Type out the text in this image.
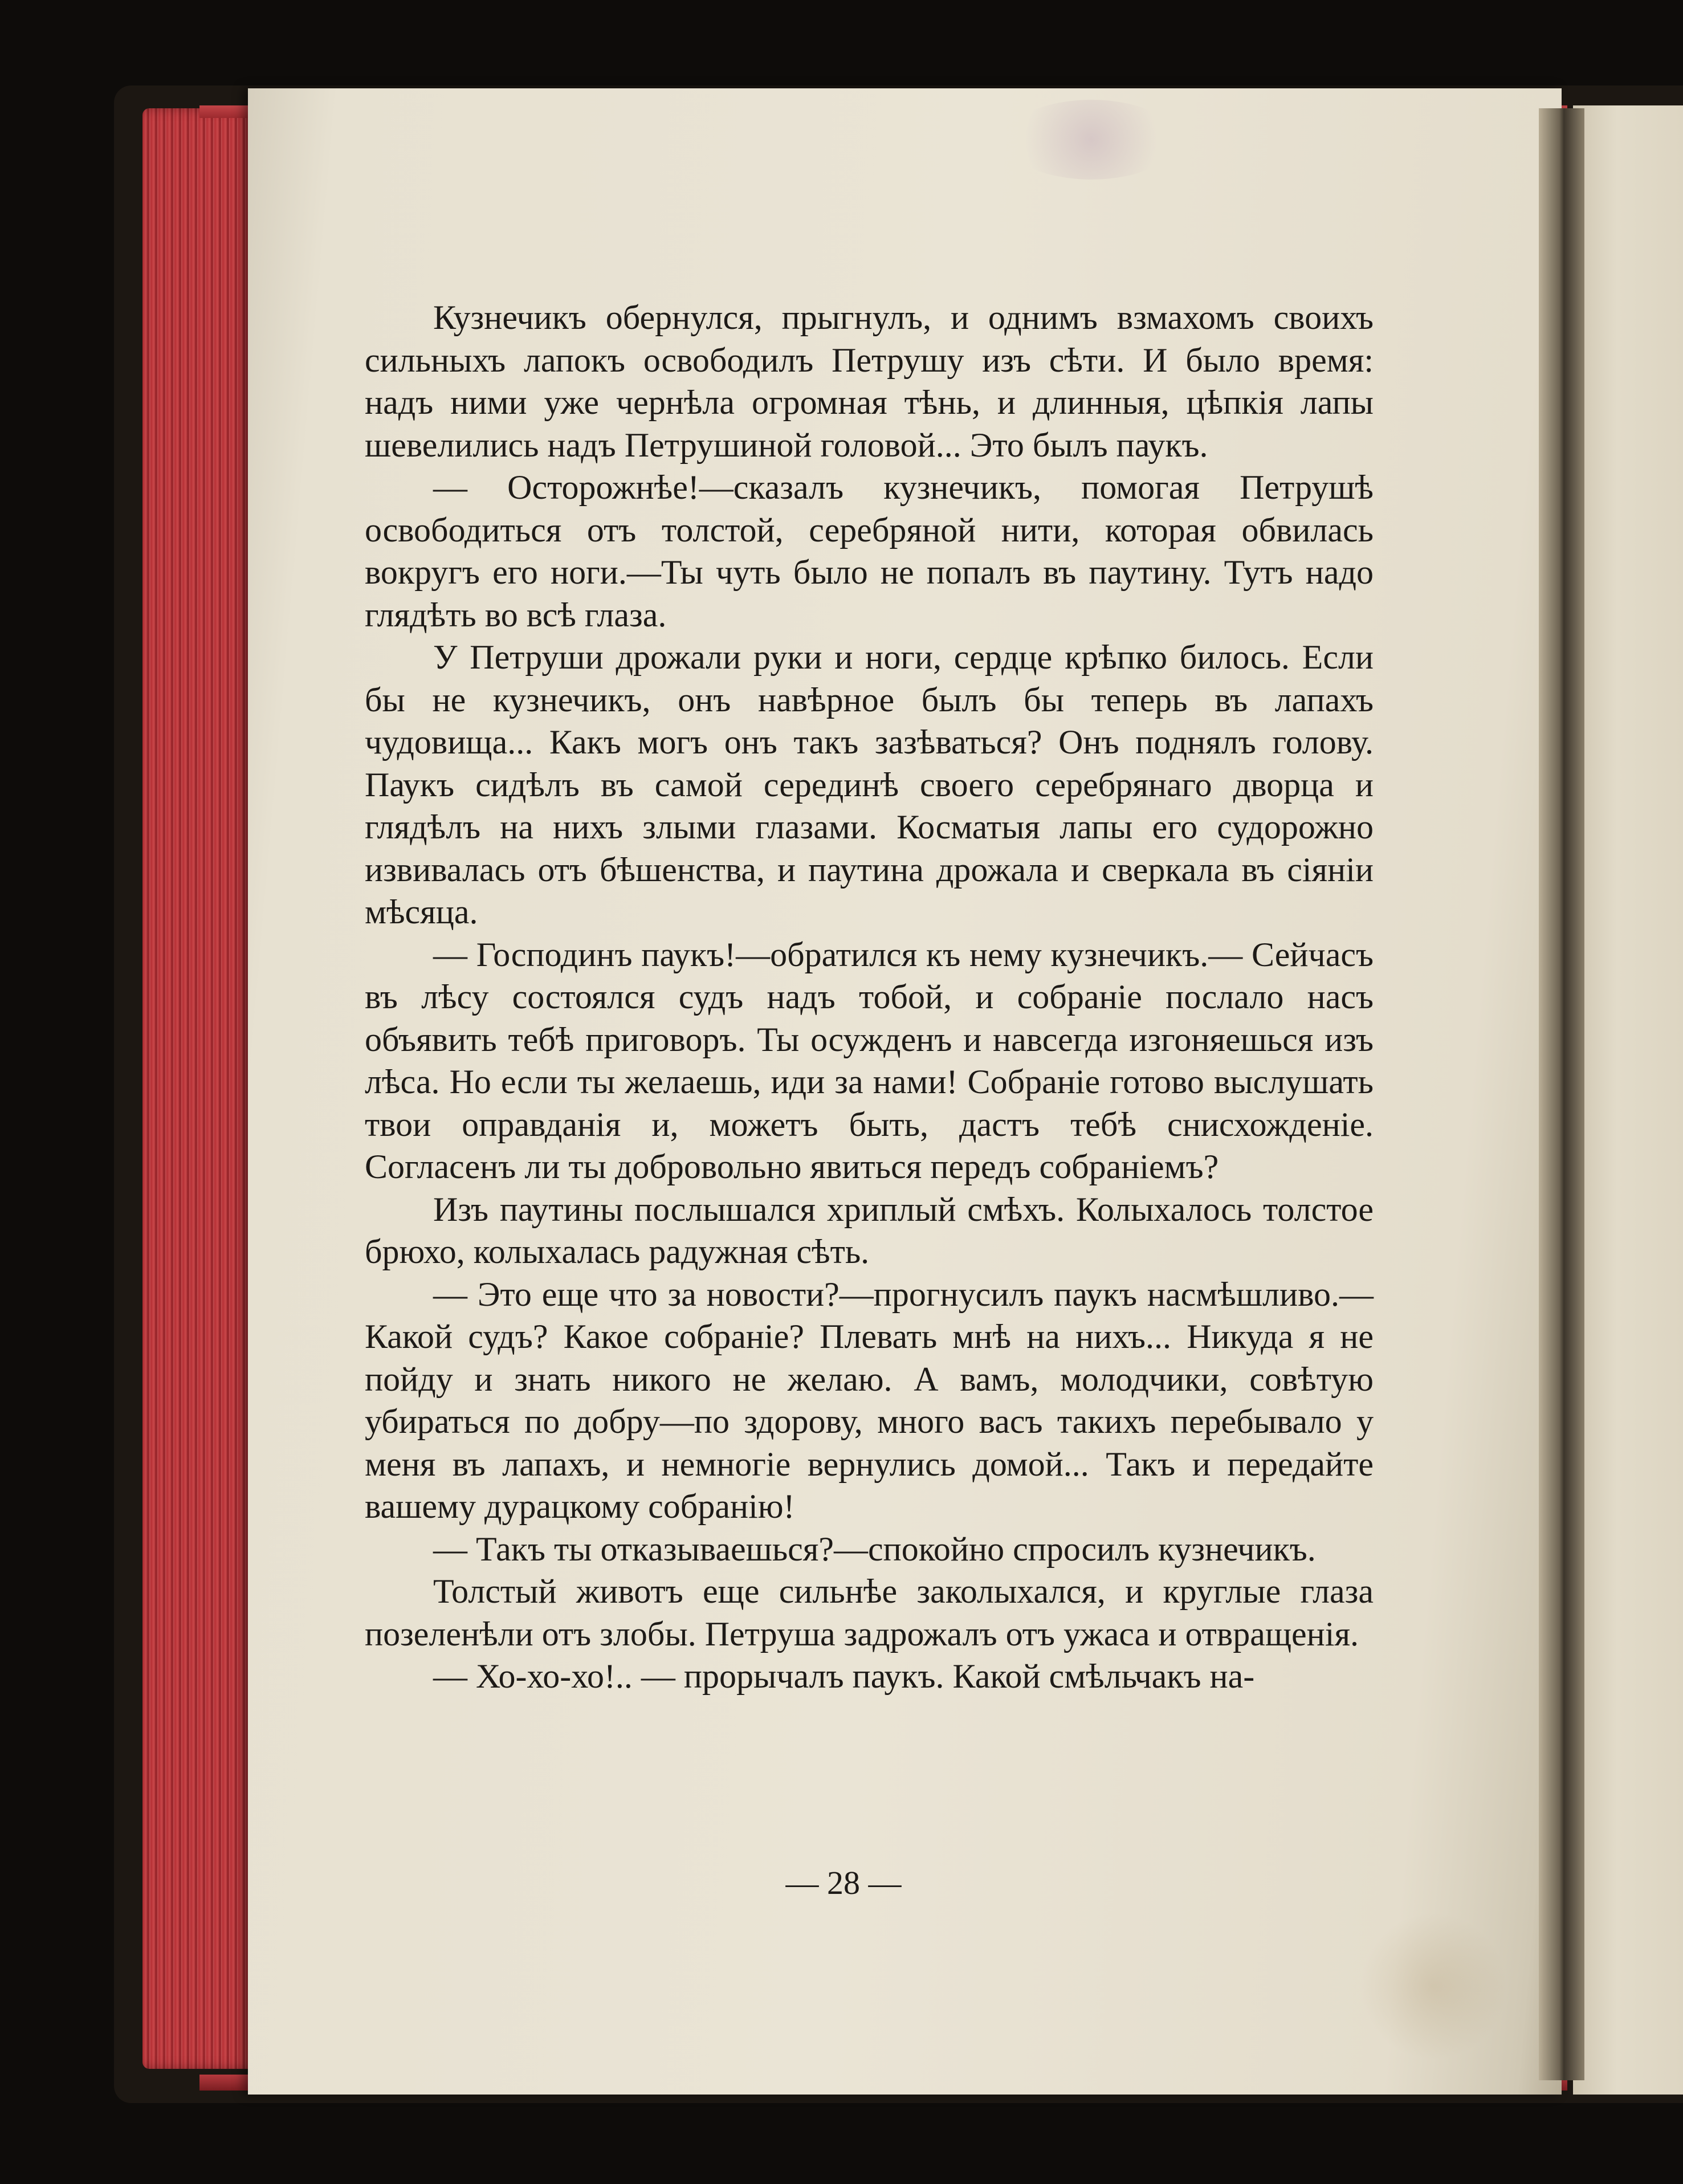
Кузнечикъ обернулся, прыгнулъ, и однимъ взмахомъ своихъ сильныхъ лапокъ освободилъ Петрушу изъ сѣти. И было время: надъ ними уже чернѣла огромная тѣнь, и длинныя, цѣпкія лапы шевелились надъ Петрушиной головой... Это былъ паукъ.

— Осторожнѣе!—сказалъ кузнечикъ, помогая Петрушѣ освободиться отъ толстой, серебряной нити, которая обвилась вокругъ его ноги.—Ты чуть было не попалъ въ паутину. Тутъ надо глядѣть во всѣ глаза.

У Петруши дрожали руки и ноги, сердце крѣпко билось. Если бы не кузнечикъ, онъ навѣрное былъ бы теперь въ лапахъ чудовища... Какъ могъ онъ такъ зазѣваться? Онъ поднялъ голову. Паукъ сидѣлъ въ самой серединѣ своего серебрянаго дворца и глядѣлъ на нихъ злыми глазами. Косматыя лапы его судорожно извивалась отъ бѣшенства, и паутина дрожала и сверкала въ сіяніи мѣсяца.

— Господинъ паукъ!—обратился къ нему кузнечикъ.— Сейчасъ въ лѣсу состоялся судъ надъ тобой, и собраніе послало насъ объявить тебѣ приговоръ. Ты осужденъ и навсегда изгоняешься изъ лѣса. Но если ты желаешь, иди за нами! Собраніе готово выслушать твои оправданія и, можетъ быть, дастъ тебѣ снисхожденіе. Согласенъ ли ты добровольно явиться передъ собраніемъ?

Изъ паутины послышался хриплый смѣхъ. Колыхалось толстое брюхо, колыхалась радужная сѣть.

— Это еще что за новости?—прогнусилъ паукъ насмѣшливо.—Какой судъ? Какое собраніе? Плевать мнѣ на нихъ... Никуда я не пойду и знать никого не желаю. А вамъ, молодчики, совѣтую убираться по добру—по здорову, много васъ такихъ перебывало у меня въ лапахъ, и немногіе вернулись домой... Такъ и передайте вашему дурацкому собранію!

— Такъ ты отказываешься?—спокойно спросилъ кузнечикъ.

Толстый животъ еще сильнѣе заколыхался, и круглые глаза позеленѣли отъ злобы. Петруша задрожалъ отъ ужаса и отвращенія.

— Хо-хо-хо!.. — прорычалъ паукъ. Какой смѣльчакъ на-

— 28 —
